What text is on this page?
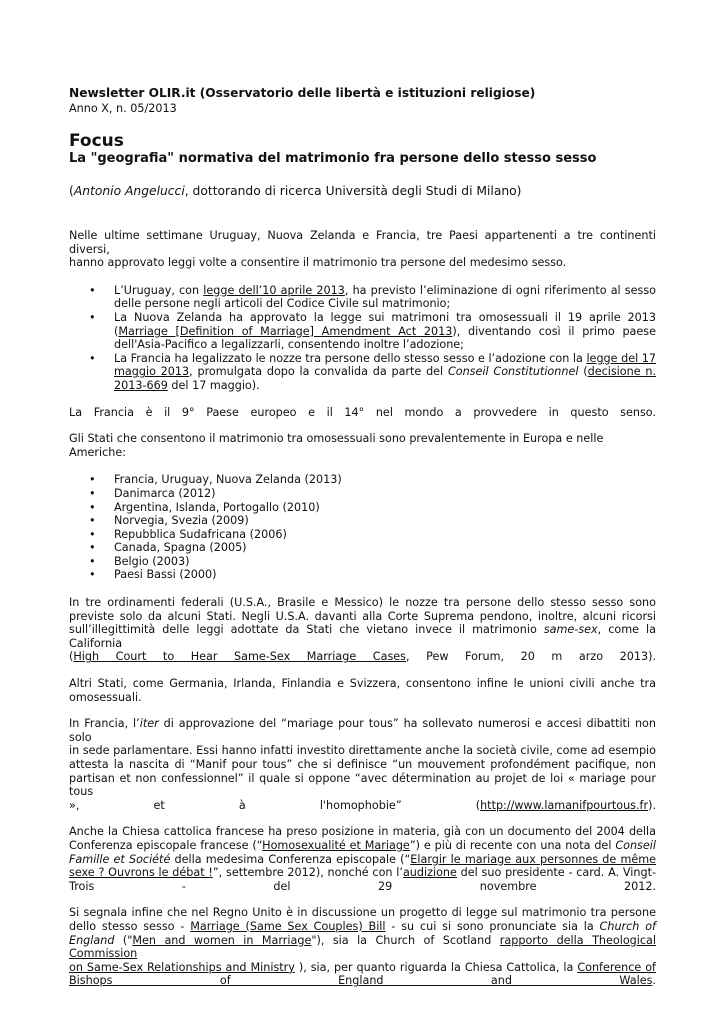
Newsletter OLIR.it (Osservatorio delle libertà e istituzioni religiose)
Anno X, n. 05/2013
Focus
La "geografia" normativa del matrimonio fra persone dello stesso sesso
(Antonio Angelucci, dottorando di ricerca Università degli Studi di Milano)
Nelle ultime settimane Uruguay, Nuova Zelanda e Francia, tre Paesi appartenenti a tre continenti diversi,
hanno approvato leggi volte a consentire il matrimonio tra persone del medesimo sesso.
• L’Uruguay, con legge dell’10 aprile 2013, ha previsto l’eliminazione di ogni riferimento al sesso
delle persone negli articoli del Codice Civile sul matrimonio;
• La Nuova Zelanda ha approvato la legge sui matrimoni tra omosessuali il 19 aprile 2013
(Marriage [Definition of Marriage] Amendment Act 2013), diventando così il primo paese
dell'Asia-Pacifico a legalizzarli, consentendo inoltre l’adozione;
• La Francia ha legalizzato le nozze tra persone dello stesso sesso e l’adozione con la legge del 17 maggio 2013, promulgata dopo la convalida da parte del Conseil Constitutionnel (decisione n. 2013-669 del 17 maggio).
La Francia è il 9° Paese europeo e il 14° nel mondo a provvedere in questo senso.
Gli Stati che consentono il matrimonio tra omosessuali sono prevalentemente in Europa e nelle Americhe:
• Francia, Uruguay, Nuova Zelanda (2013)
• Danimarca (2012)
• Argentina, Islanda, Portogallo (2010)
• Norvegia, Svezia (2009)
• Repubblica Sudafricana (2006)
• Canada, Spagna (2005)
• Belgio (2003)
• Paesi Bassi (2000)
In tre ordinamenti federali (U.S.A., Brasile e Messico) le nozze tra persone dello stesso sesso sono
previste solo da alcuni Stati. Negli U.S.A. davanti alla Corte Suprema pendono, inoltre, alcuni ricorsi
sull’illegittimità delle leggi adottate da Stati che vietano invece il matrimonio same-sex, come la California
(High Court to Hear Same-Sex Marriage Cases, Pew Forum, 20 m arzo 2013).
Altri Stati, come Germania, Irlanda, Finlandia e Svizzera, consentono infine le unioni civili anche tra
omosessuali.
In Francia, l’iter di approvazione del “mariage pour tous” ha sollevato numerosi e accesi dibattiti non solo
in sede parlamentare. Essi hanno infatti investito direttamente anche la società civile, come ad esempio
attesta la nascita di “Manif pour tous” che si definisce “un mouvement profondément pacifique, non
partisan et non confessionnel” il quale si oppone “avec détermination au projet de loi « mariage pour tous
», et à l'homophobie” (http://www.lamanifpourtous.fr).
Anche la Chiesa cattolica francese ha preso posizione in materia, già con un documento del 2004 della
Conferenza episcopale francese (“Homosexualité et Mariage”) e più di recente con una nota del Conseil
Famille et Société della medesima Conferenza episcopale (“Elargir le mariage aux personnes de même
sexe ? Ouvrons le débat !”, settembre 2012), nonché con l’audizione del suo presidente - card. A. Vingt-
Trois - del 29 novembre 2012.
Si segnala infine che nel Regno Unito è in discussione un progetto di legge sul matrimonio tra persone
dello stesso sesso - Marriage (Same Sex Couples) Bill - su cui si sono pronunciate sia la Church of
England ("Men and women in Marriage"), sia la Church of Scotland rapporto della Theological Commission
on Same-Sex Relationships and Ministry ), sia, per quanto riguarda la Chiesa Cattolica, la Conference of
Bishops of England and Wales.
